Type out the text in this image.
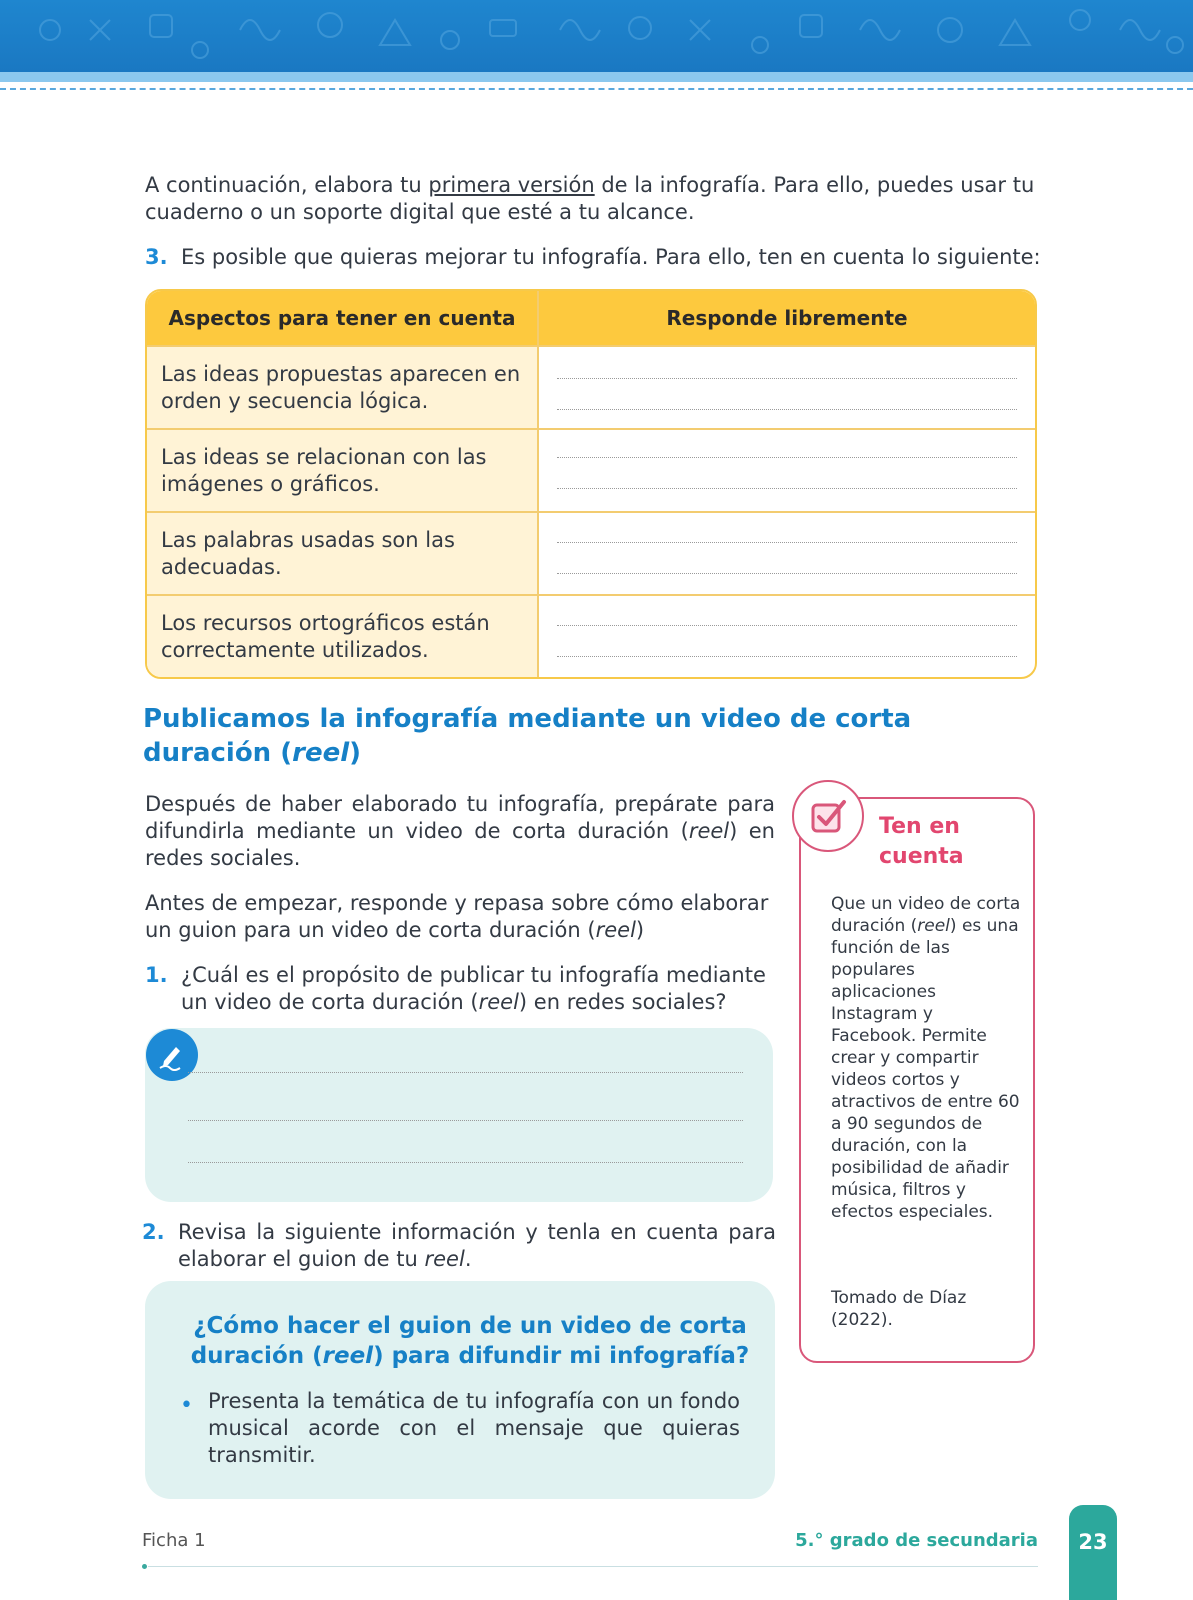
A continuación, elabora tu primera versión de la infografía. Para ello, puedes usar tu cuaderno o un soporte digital que esté a tu alcance.
3. Es posible que quieras mejorar tu infografía. Para ello, ten en cuenta lo siguiente:
Aspectos para tener en cuenta	Responde libremente
Las ideas propuestas aparecen en orden y secuencia lógica.
Las ideas se relacionan con las imágenes o gráficos.
Las palabras usadas son las adecuadas.
Los recursos ortográficos están correctamente utilizados.
Publicamos la infografía mediante un video de corta duración (reel)
Después de haber elaborado tu infografía, prepárate para difundirla mediante un video de corta duración (reel) en redes sociales.
Antes de empezar, responde y repasa sobre cómo elaborar un guion para un video de corta duración (reel)
1. ¿Cuál es el propósito de publicar tu infografía mediante un video de corta duración (reel) en redes sociales?
2. Revisa la siguiente información y tenla en cuenta para elaborar el guion de tu reel.
¿Cómo hacer el guion de un video de corta duración (reel) para difundir mi infografía?
• Presenta la temática de tu infografía con un fondo musical acorde con el mensaje que quieras transmitir.
Ten en
cuenta
Que un video de corta duración (reel) es una función de las populares aplicaciones Instagram y Facebook. Permite crear y compartir videos cortos y atractivos de entre 60 a 90 segundos de duración, con la posibilidad de añadir música, filtros y efectos especiales.
Tomado de Díaz (2022).
Ficha 1	5.° grado de secundaria	23
